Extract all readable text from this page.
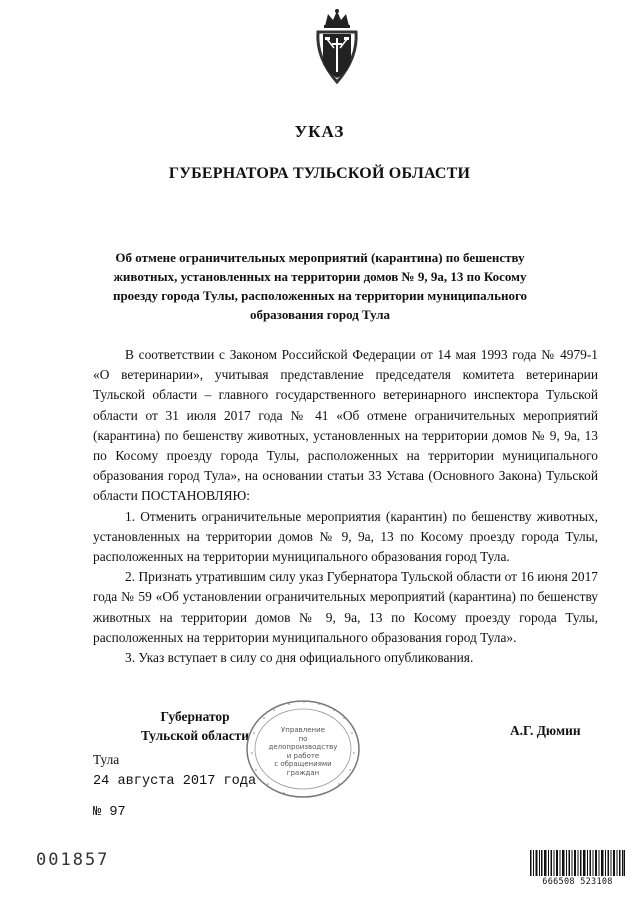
УКАЗ
ГУБЕРНАТОРА ТУЛЬСКОЙ ОБЛАСТИ
Об отмене ограничительных мероприятий (карантина) по бешенству животных, установленных на территории домов № 9, 9а, 13 по Косому проезду города Тулы, расположенных на территории муниципального образования город Тула

В соответствии с Законом Российской Федерации от 14 мая 1993 года № 4979-1 «О ветеринарии», учитывая представление председателя комитета ветеринарии Тульской области – главного государственного ветеринарного инспектора Тульской области от 31 июля 2017 года № 41 «Об отмене ограничительных мероприятий (карантина) по бешенству животных, установленных на территории домов № 9, 9а, 13 по Косому проезду города Тулы, расположенных на территории муниципального образования город Тула», на основании статьи 33 Устава (Основного Закона) Тульской области ПОСТАНОВЛЯЮ:

1. Отменить ограничительные мероприятия (карантин) по бешенству животных, установленных на территории домов № 9, 9а, 13 по Косому проезду города Тулы, расположенных на территории муниципального образования город Тула.

2. Признать утратившим силу указ Губернатора Тульской области от 16 июня 2017 года № 59 «Об установлении ограничительных мероприятий (карантина) по бешенству животных на территории домов № 9, 9а, 13 по Косому проезду города Тулы, расположенных на территории муниципального образования город Тула».

3. Указ вступает в силу со дня официального опубликования.

Губернатор
Тульской области	Управление
по делопроизводству
и работе
с обращениями
граждан
А.Г. Дюмин
Тула
24 августа 2017 года
№ 97
001857
666508 523108
